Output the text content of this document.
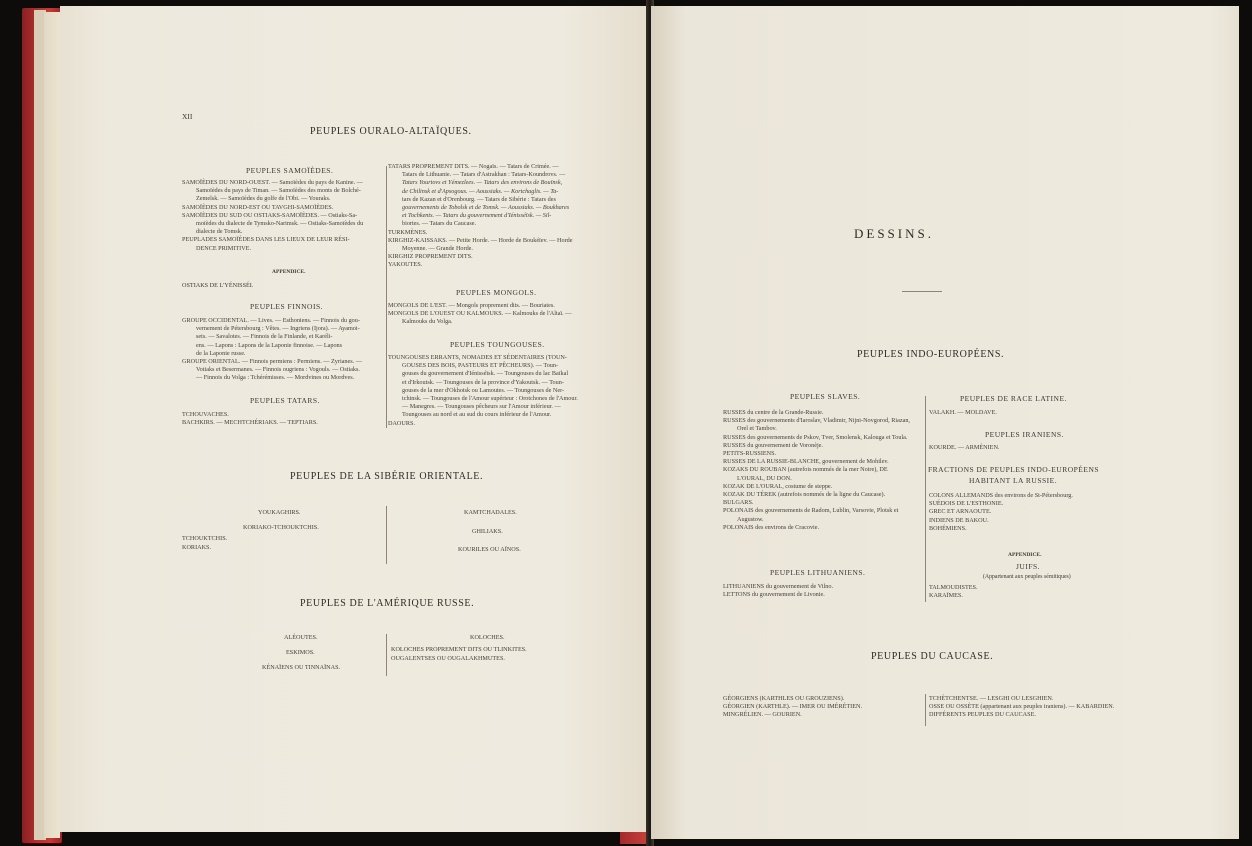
XII
PEUPLES OURALO-ALTAÏQUES.
PEUPLES SAMOÏÈDES.

SAMOÏÈDES DU NORD-OUEST. — Samoïèdes du pays de Kanine. —

Samoïèdes du pays de Timan. — Samoïèdes des monts de Bolché-

Zemelsk. — Samoïèdes du golfe de l'Obi. — Youraks.

SAMOÏÈDES DU NORD-EST OU TAVGHI-SAMOÏÈDES.

SAMOÏÈDES DU SUD OU OSTIAKS-SAMOÏÈDES. — Ostiaks-Sa-

moïèdes du dialecte de Tymsko-Narimsk. — Ostiaks-Samoïèdes du

dialecte de Tomsk.

PEUPLADES SAMOÏÈDES DANS LES LIEUX DE LEUR RÉSI-

DENCE PRIMITIVE.

APPENDICE.
OSTIAKS DE L'YÉNISSÉI.
PEUPLES FINNOIS.

GROUPE OCCIDENTAL. — Lives. — Esthoniens. — Finnois du gou-

vernement de Pétersbourg : Vêtes. — Ingriens (Ijora). — Ayamoi-

sets. — Savalotes. — Finnois de la Finlande, et Karéli-

ens. — Lapons : Lapons de la Laponie finnoise. — Lapons

de la Laponie russe.

GROUPE ORIENTAL. — Finnois permiens : Permiens. — Zyrianes. —

Votiaks et Besermanes. — Finnois ougriens : Vogouls. — Ostiaks.

— Finnois du Volga : Tchérémisses. — Mordvines ou Mordves.

PEUPLES TATARS.

TCHOUVACHES.

BACHKIRS. — MECHTCHÉRIAKS. — TEPTIARS.

TATARS PROPREMENT DITS. — Nogaïs. — Tatars de Crimée. —

Tatars de Lithuanie. — Tatars d'Astrakhan : Tatars-Koundrovs. —

Tatars Yourtovs et Yémezlees. — Tatars des environs de Bouïnsk,

de Chilinsk et d'Apsogous. — Aoussiaks. — Kortchaglis. — Ta-

tars de Kazan et d'Orenbourg. — Tatars de Sibérie : Tatars des

gouvernements de Tobolsk et de Tomsk. — Aoussiaks. — Boukhares

et Tochkents. — Tatars du gouvernement d'Iénisséïsk. — Sil-

biortes. — Tatars du Caucase.

TURKMÈNES.

KIRGHIZ-KAISSAKS. — Petite Horde. — Horde de Boukéïev. — Horde

Moyenne. — Grande Horde.

KIRGHIZ PROPREMENT DITS.

YAKOUTES.

PEUPLES MONGOLS.

MONGOLS DE L'EST. — Mongols proprement dits. — Bouriates.

MONGOLS DE L'OUEST OU KALMOUKS. — Kalmouks de l'Altaï. —

Kalmouks du Volga.

PEUPLES TOUNGOUSES.

TOUNGOUSES ERRANTS, NOMADES ET SÉDENTAIRES (TOUN-

GOUSES DES BOIS, PASTEURS ET PÊCHEURS). — Toun-

gouses du gouvernement d'Iénisséïsk. — Toungouses du lac Baïkal

et d'Irkoutsk. — Toungouses de la province d'Yakoutsk. — Toun-

gouses de la mer d'Okhotsk ou Lamoutes. — Toungouses de Ner-

tchinsk. — Toungouses de l'Amour supérieur : Orotchones de l'Amour.

— Manegres. — Toungouses pêcheurs sur l'Amour inférieur. —

Toungouses au nord et au sud du cours inférieur de l'Amour.

DAOURS.

PEUPLES DE LA SIBÉRIE ORIENTALE.
YOUKAGHIRS.
KORIAKO-TCHOUKTCHIS.
TCHOUKTCHIS.
KORIAKS.
KAMTCHADALES.
GHILIAKS.
KOURILES OU AÏNOS.
PEUPLES DE L'AMÉRIQUE RUSSE.
ALÉOUTES.
ESKIMOS.
KÉNAÏENS OU TINNAÏNAS.
KOLOCHES.
KOLOCHES PROPREMENT DITS OU TLINKITES.
OUGALENTSES OU OUGALAKHMUTES.
DESSINS.
PEUPLES INDO-EUROPÉENS.
PEUPLES SLAVES.

RUSSES du centre de la Grande-Russie.

RUSSES des gouvernements d'Iaroslav, Vladimir, Nijni-Novgorod, Riazan,

Orel et Tambov.

RUSSES des gouvernements de Pskov, Tver, Smolensk, Kalouga et Toula.

RUSSES du gouvernement de Voronèje.

PETITS-RUSSIENS.

RUSSES DE LA RUSSIE-BLANCHE, gouvernement de Mohilev.

KOZAKS DU ROUBAN (autrefois nommés de la mer Noire), DE

L'OURAL, DU DON.

KOZAK DE L'OURAL, costume de steppe.

KOZAK DU TÉREK (autrefois nommés de la ligne du Caucase).

BULGARS.

POLONAIS des gouvernements de Radom, Lublin, Varsovie, Plotsk et

Augustow.

POLONAIS des environs de Cracovie.

PEUPLES LITHUANIENS.

LITHUANIENS du gouvernement de Vilno.

LETTONS du gouvernement de Livonie.

PEUPLES DE RACE LATINE.
VALAKH. — MOLDAVE.
PEUPLES IRANIENS.
KOURDE. — ARMÉNIEN.
FRACTIONS DE PEUPLES INDO-EUROPÉENS
HABITANT LA RUSSIE.

COLONS ALLEMANDS des environs de St-Pétersbourg.

SUÉDOIS DE L'ESTHONIE.

GREC ET ARNAOUTE.

INDIENS DE BAKOU.

BOHÉMIENS.

APPENDICE.
JUIFS.
(Appartenant aux peuples sémitiques)

TALMOUDISTES.

KARAÏMES.

PEUPLES DU CAUCASE.

GÉORGIENS (KARTHLES OU GROUZIENS).

GÉORGIEN (KARTHLE). — IMER OU IMÉRÉTIEN.

MINGRÉLIEN. — GOURIEN.

TCHÉTCHENTSE. — LESGHI OU LESGHIEN.

OSSE OU OSSÈTE (appartenant aux peuples iraniens). — KABARDIEN.

DIFFÉRENTS PEUPLES DU CAUCASE.
